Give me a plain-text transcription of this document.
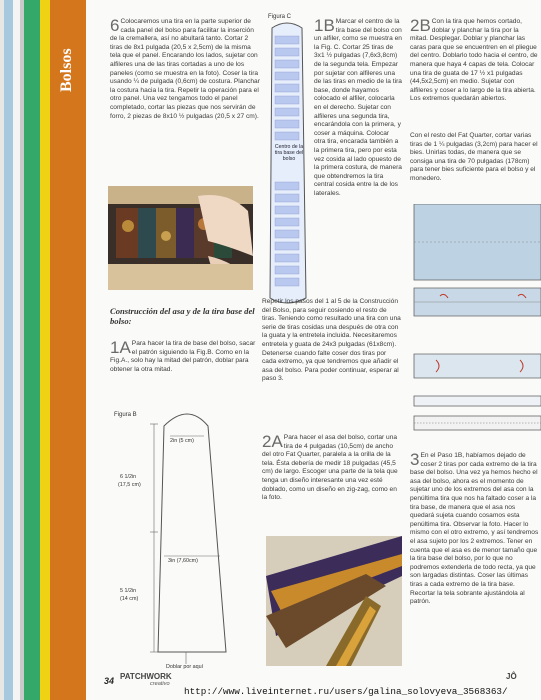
Bolsos
6 Colocaremos una tira en la parte superior de cada panel del bolso para facilitar la inserción de la cremallera, así no abultará tanto. Cortar 2 tiras de 8x1 pulgada (20,5 x 2,5cm) de la misma tela que el panel. Encarando los lados, sujetar con alfileres una de las tiras cortadas a uno de los paneles (como se muestra en la foto). Coser la tira usando ¼ de pulgada (0,6cm) de costura. Planchar la costura hacia la tira. Repetir la operación para el otro panel. Una vez tengamos todo el panel completado, cortar las piezas que nos servirán de forro, 2 piezas de 8x10 ½ pulgadas (20,5 x 27 cm).
Construcción del asa y de la tira base del bolso:
1A Para hacer la tira de base del bolso, sacar el patrón siguiendo la Fig.B. Como en la Fig.A., solo hay la mitad del patrón, doblar para obtener la otra mitad.
Figura B
2in (5 cm)
6 1/2in
(17,5 cm)
3in (7,60cm)
5 1/2in
(14 cm)
Doblar por aquí
Figura C
Centro de la tira base del bolso
1B Marcar el centro de la tira base del bolso con un alfiler, como se muestra en la Fig. C. Cortar 25 tiras de 3x1 ½ pulgadas (7,6x3,8cm) de la segunda tela. Empezar por sujetar con alfileres una de las tiras en medio de la tira base, donde hayamos colocado el alfiler, colocarla en el derecho. Sujetar con alfileres una segunda tira, encarándola con la primera, y coser a máquina. Colocar otra tira, encarada también a la primera tira, pero por esta vez cosida al lado opuesto de la primera costura, de manera que obtendremos la tira central cosida entre la de los laterales.
Repetir los pasos del 1 al 5 de la Construcción del Bolso, para seguir cosiendo el resto de tiras. Teniendo como resultado una tira con una serie de tiras cosidas una después de otra con la guata y la entretela incluida. Necesitaremos entretela y guata de 24x3 pulgadas (61x8cm). Detenerse cuando falte coser dos tiras por cada extremo, ya que tendremos que añadir el asa del bolso. Para poder continuar, esperar al paso 3.
2A Para hacer el asa del bolso, cortar una tira de 4 pulgadas (10,5cm) de ancho del otro Fat Quarter, paralela a la orilla de la tela. Ésta debería de medir 18 pulgadas (45,5 cm) de largo. Escoger una parte de la tela que tenga un diseño interesante una vez esté doblado, como un diseño en zig-zag, como en la foto.
2B Con la tira que hemos cortado, doblar y planchar la tira por la mitad. Desplegar. Doblar y planchar las caras para que se encuentren en el pliegue del centro. Doblarlo todo hacia el centro, de manera que haya 4 capas de tela. Colocar una tira de guata de 17 ½ x1 pulgadas (44,5x2,5cm) en medio. Sujetar con alfileres y coser a lo largo de la tira abierta. Los extremos quedarán abiertos.
Con el resto del Fat Quarter, cortar varias tiras de 1 ¼ pulgadas (3,2cm) para hacer el bies. Unirlas todas, de manera que se consiga una tira de 70 pulgadas (178cm) para tener bies suficiente para el bolso y el monedero.
3 En el Paso 1B, habíamos dejado de coser 2 tiras por cada extremo de la tira base del bolso. Una vez ya hemos hecho el asa del bolso, ahora es el momento de sujetar uno de los extremos del asa con la penúltima tira que nos ha faltado coser a la tira base, de manera que el asa nos quedará sujeta cuando cosamos esta penúltima tira. Observar la foto. Hacer lo mismo con el otro extremo, y así tendremos el asa sujeto por los 2 extremos. Tener en cuenta que el asa es de menor tamaño que la tira base del bolso, por lo que no podremos extenderla de todo recta, ya que son largadas distintas. Coser las últimas tiras a cada extremo de la tira base. Recortar la tela sobrante ajustándola al patrón.
34 PATCHWORK
creativo
JÔ
http://www.liveinternet.ru/users/galina_solovyeva_3568363/
